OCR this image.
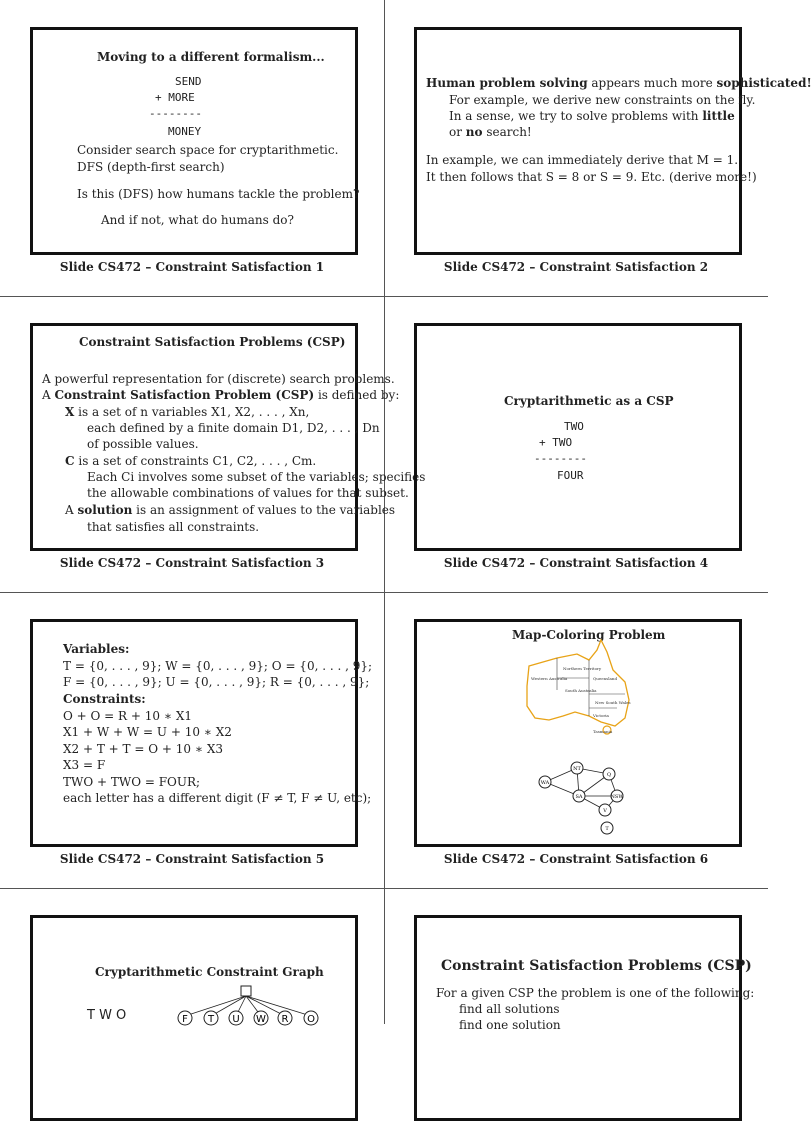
Moving to a different formalism...
SEND
+ MORE
--------
MONEY
Consider search space for cryptarithmetic.
DFS (depth-first search)
Is this (DFS) how humans tackle the problem?
And if not, what do humans do?
Slide CS472 – Constraint Satisfaction 1
Human problem solving appears much more sophisticated!
For example, we derive new constraints on the fly.
In a sense, we try to solve problems with little
or no search!
In example, we can immediately derive that M = 1.
It then follows that S = 8 or S = 9. Etc. (derive more!)
Slide CS472 – Constraint Satisfaction 2
Constraint Satisfaction Problems (CSP)
A powerful representation for (discrete) search problems.
A Constraint Satisfaction Problem (CSP) is defined by:
X is a set of n variables X1, X2, . . . , Xn,
each defined by a finite domain D1, D2, . . . , Dn
of possible values.
C is a set of constraints C1, C2, . . . , Cm.
Each Ci involves some subset of the variables; specifies
the allowable combinations of values for that subset.
A solution is an assignment of values to the variables
that satisfies all constraints.
Slide CS472 – Constraint Satisfaction 3
Cryptarithmetic as a CSP
TWO
+ TWO
--------
FOUR
Slide CS472 – Constraint Satisfaction 4
Variables:
T = {0, . . . , 9}; W = {0, . . . , 9}; O = {0, . . . , 9};
F = {0, . . . , 9}; U = {0, . . . , 9}; R = {0, . . . , 9};
Constraints:
O + O = R + 10 ∗ X1
X1 + W + W = U + 10 ∗ X2
X2 + T + T = O + 10 ∗ X3
X3 = F
TWO + TWO = FOUR;
each letter has a different digit (F ≠ T, F ≠ U, etc);
Slide CS472 – Constraint Satisfaction 5
Map-Coloring Problem
Western Australia
Northern Territory
Queensland
South Australia
New South Wales
Victoria
Tasmania
WA
NT
Q
SA	NSW
V
T
Slide CS472 – Constraint Satisfaction 6
Cryptarithmetic Constraint Graph
T W O	F T U W R O
Constraint Satisfaction Problems (CSP)
For a given CSP the problem is one of the following:
find all solutions
find one solution
